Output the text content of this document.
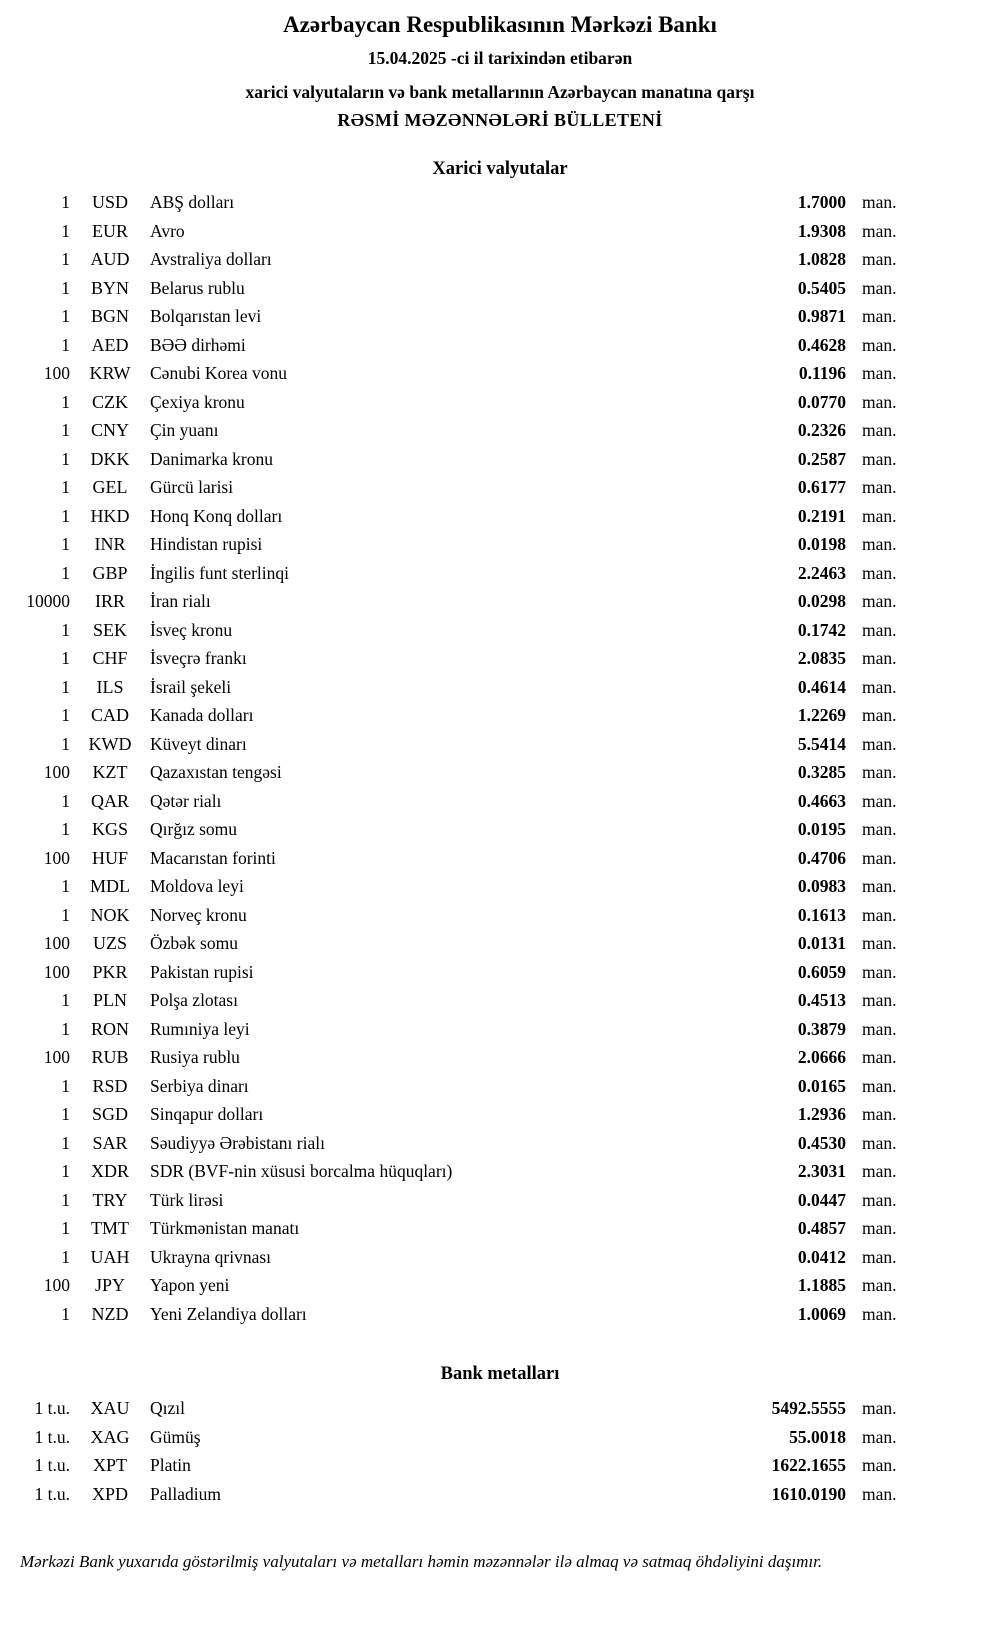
Azərbaycan Respublikasının Mərkəzi Bankı
15.04.2025 -ci il tarixindən etibarən
xarici valyutaların və bank metallarının Azərbaycan manatına qarşı
RƏSMİ MƏZƏNNƏLƏRİ BÜLLETENİ
Xarici valyutalar
1	USD	ABŞ dolları	1.7000 man.
1	EUR	Avro	1.9308 man.
1	AUD	Avstraliya dolları	1.0828 man.
1	BYN	Belarus rublu	0.5405 man.
1	BGN	Bolqarıstan levi	0.9871 man.
1	AED	BƏƏ dirhəmi	0.4628 man.
100	KRW	Cənubi Korea vonu	0.1196 man.
1	CZK	Çexiya kronu	0.0770 man.
1	CNY	Çin yuanı	0.2326 man.
1	DKK	Danimarka kronu	0.2587 man.
1	GEL	Gürcü larisi	0.6177 man.
1	HKD	Honq Konq dolları	0.2191 man.
1	INR	Hindistan rupisi	0.0198 man.
1	GBP	İngilis funt sterlinqi	2.2463 man.
10000	IRR	İran rialı	0.0298 man.
1	SEK	İsveç kronu	0.1742 man.
1	CHF	İsveçrə frankı	2.0835 man.
1	ILS	İsrail şekeli	0.4614 man.
1	CAD	Kanada dolları	1.2269 man.
1	KWD	Küveyt dinarı	5.5414 man.
100	KZT	Qazaxıstan tengəsi	0.3285 man.
1	QAR	Qətər rialı	0.4663 man.
1	KGS	Qırğız somu	0.0195 man.
100	HUF	Macarıstan forinti	0.4706 man.
1	MDL	Moldova leyi	0.0983 man.
1	NOK	Norveç kronu	0.1613 man.
100	UZS	Özbək somu	0.0131 man.
100	PKR	Pakistan rupisi	0.6059 man.
1	PLN	Polşa zlotası	0.4513 man.
1	RON	Rumıniya leyi	0.3879 man.
100	RUB	Rusiya rublu	2.0666 man.
1	RSD	Serbiya dinarı	0.0165 man.
1	SGD	Sinqapur dolları	1.2936 man.
1	SAR	Səudiyyə Ərəbistanı rialı	0.4530 man.
1	XDR	SDR (BVF-nin xüsusi borcalma hüquqları)	2.3031 man.
1	TRY	Türk lirəsi	0.0447 man.
1	TMT	Türkmənistan manatı	0.4857 man.
1	UAH	Ukrayna qrivnası	0.0412 man.
100	JPY	Yapon yeni	1.1885 man.
1	NZD	Yeni Zelandiya dolları	1.0069 man.
Bank metalları
1 t.u.	XAU	Qızıl	5492.5555 man.
1 t.u.	XAG	Gümüş	55.0018 man.
1 t.u.	XPT	Platin	1622.1655 man.
1 t.u.	XPD	Palladium	1610.0190 man.
Mərkəzi Bank yuxarıda göstərilmiş valyutaları və metalları həmin məzənnələr ilə almaq və satmaq öhdəliyini daşımır.
